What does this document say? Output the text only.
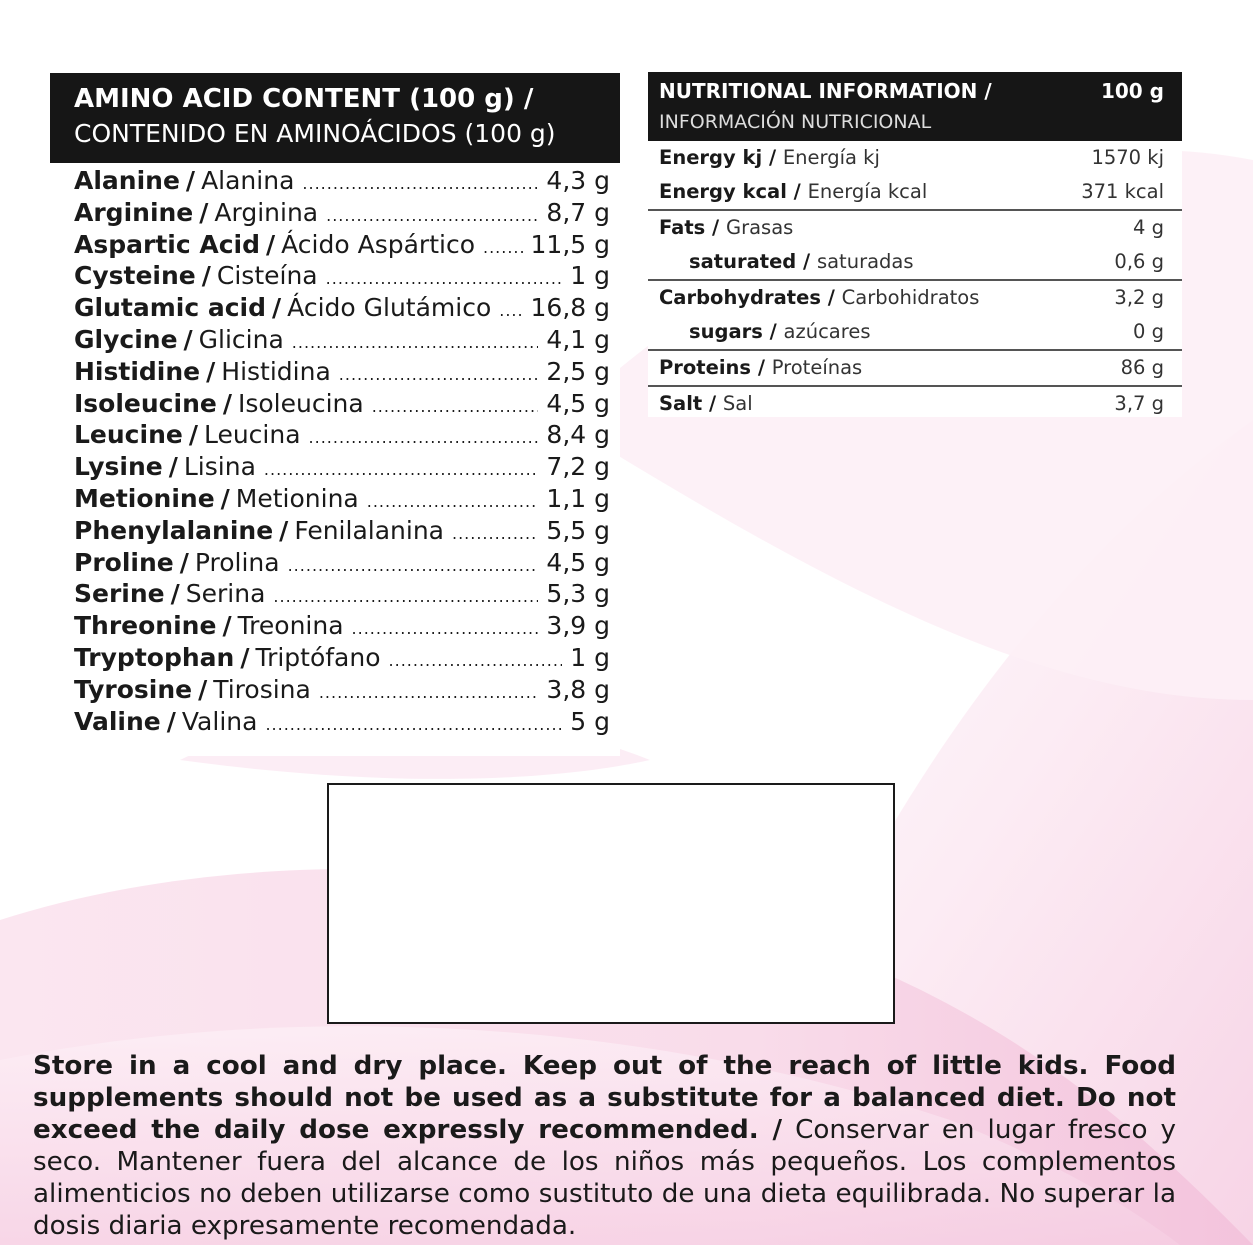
AMINO ACID CONTENT (100 g) /
CONTENIDO EN AMINOÁCIDOS (100 g)
Alanine / Alanina .....	4,3 g
Arginine / Arginina .....	8,7 g
Aspartic Acid / Ácido Aspártico ..... 11,5 g
Cysteine / Cisteína .....	1 g
Glutamic acid / Ácido Glutámico ..... 16,8 g
Glycine / Glicina .....	4,1 g
Histidine / Histidina .....	2,5 g
Isoleucine / Isoleucina .....	4,5 g
Leucine / Leucina .....	8,4 g
Lysine / Lisina .....	7,2 g
Metionine / Metionina .....	1,1 g
Phenylalanine / Fenilalanina .....	5,5 g
Proline / Prolina .....	4,5 g
Serine / Serina .....	5,3 g
Threonine / Treonina .....	3,9 g
Tryptophan / Triptófano .....	1 g
Tyrosine / Tirosina .....	3,8 g
Valine / Valina .....	5 g
NUTRITIONAL INFORMATION /
INFORMACIÓN NUTRICIONAL
100 g
Energy kj / Energía kj	1570 kj
Energy kcal / Energía kcal	371 kcal
Fats / Grasas	4 g
saturated / saturadas	0,6 g
Carbohydrates / Carbohidratos	3,2 g
sugars / azúcares	0 g
Proteins / Proteínas	86 g
Salt / Sal	3,7 g
Store in a cool and dry place. Keep out of the reach of little kids. Food supplements should not be used as a substitute for a balanced diet. Do not exceed the daily dose expressly recommended. / Conservar en lugar fresco y seco. Mantener fuera del alcance de los niños más pequeños. Los complementos alimenticios no deben utilizarse como sustituto de una dieta equilibrada. No superar la dosis diaria expresamente recomendada.
